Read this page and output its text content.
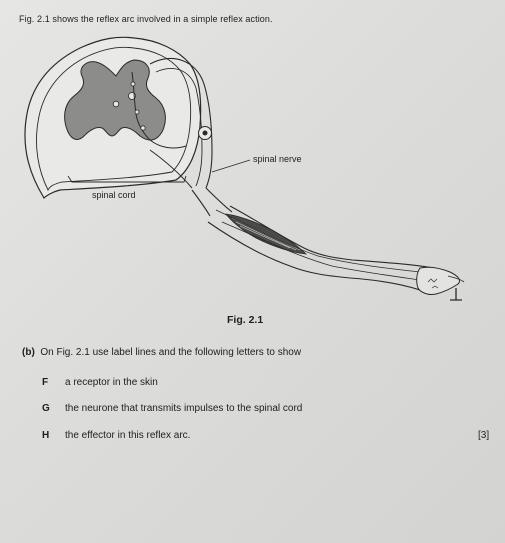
Fig. 2.1 shows the reflex arc involved in a simple reflex action.
spinal nerve
spinal cord
Fig. 2.1
(b) On Fig. 2.1 use label lines and the following letters to show
F a receptor in the skin
G the neurone that transmits impulses to the spinal cord
H the effector in this reflex arc.	[3]
